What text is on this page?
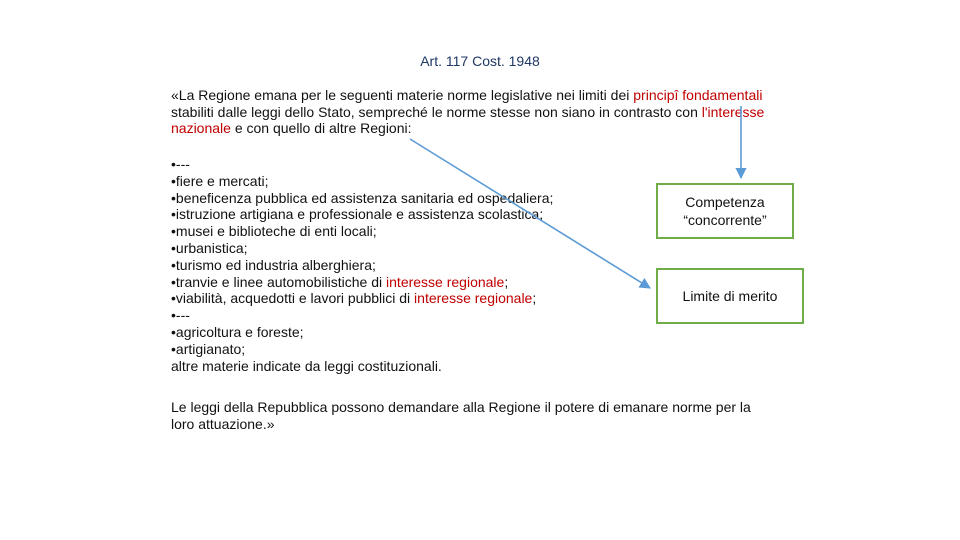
Art. 117 Cost. 1948
«La Regione emana per le seguenti materie norme legislative nei limiti dei principî fondamentali stabiliti dalle leggi dello Stato, sempreché le norme stesse non siano in contrasto con l'interesse nazionale e con quello di altre Regioni:
•---
•fiere e mercati;
•beneficenza pubblica ed assistenza sanitaria ed ospedaliera;
•istruzione artigiana e professionale e assistenza scolastica;
•musei e biblioteche di enti locali;
•urbanistica;
•turismo ed industria alberghiera;
•tranvie e linee automobilistiche di interesse regionale;
•viabilità, acquedotti e lavori pubblici di interesse regionale;
•---
•agricoltura e foreste;
•artigianato;
altre materie indicate da leggi costituzionali.
Le leggi della Repubblica possono demandare alla Regione il potere di emanare norme per la loro attuazione.»
Competenza
“concorrente”
Limite di merito
